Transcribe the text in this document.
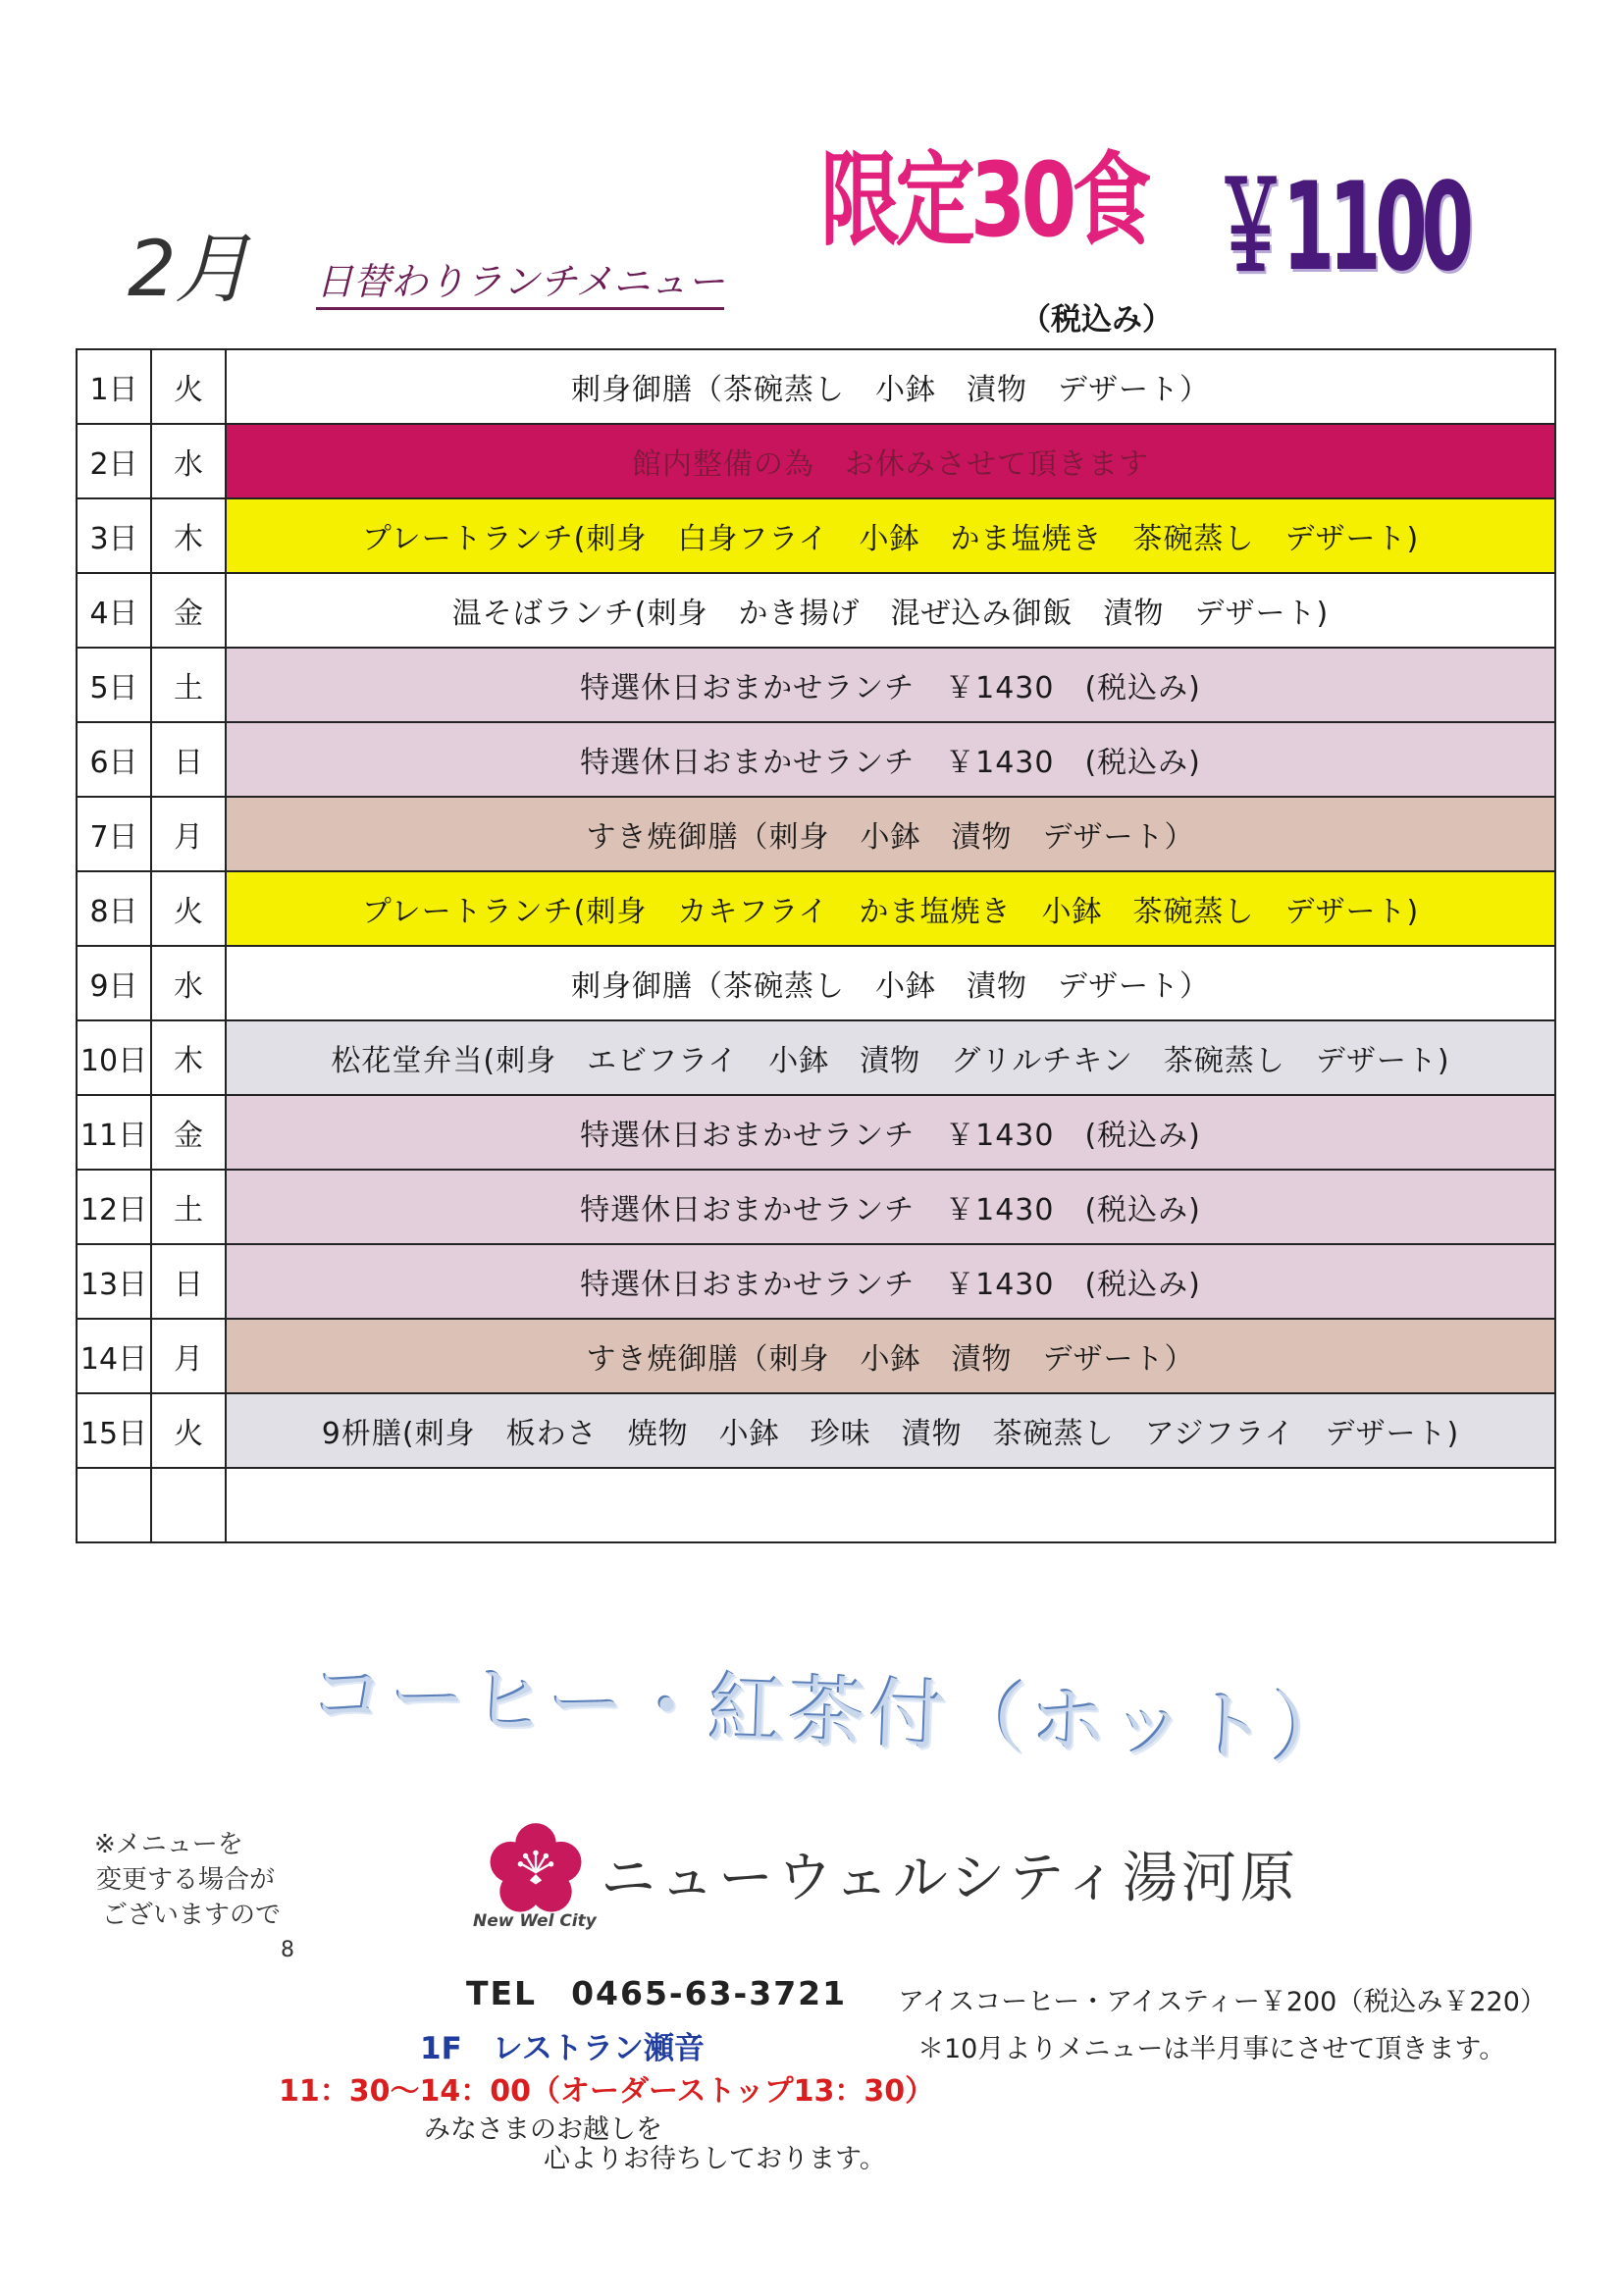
2月 日替わりランチメニュー
限定30食 ￥1100
（税込み）
1日	火	刺身御膳（茶碗蒸し　小鉢　漬物　デザート）
2日	水	館内整備の為　お休みさせて頂きます
3日	木	プレートランチ(刺身　白身フライ　小鉢　かま塩焼き　茶碗蒸し　デザート)
4日	金	温そばランチ(刺身　かき揚げ　混ぜ込み御飯　漬物　デザート)
5日	土	特選休日おまかせランチ　￥1430　(税込み)
6日	日	特選休日おまかせランチ　￥1430　(税込み)
7日	月	すき焼御膳（刺身　小鉢　漬物　デザート）
8日	火	プレートランチ(刺身　カキフライ　かま塩焼き　小鉢　茶碗蒸し　デザート)
9日	水	刺身御膳（茶碗蒸し　小鉢　漬物　デザート）
10日	木	松花堂弁当(刺身　エビフライ　小鉢　漬物　グリルチキン　茶碗蒸し　デザート)
11日	金	特選休日おまかせランチ　￥1430　(税込み)
12日	土	特選休日おまかせランチ　￥1430　(税込み)
13日	日	特選休日おまかせランチ　￥1430　(税込み)
14日	月	すき焼御膳（刺身　小鉢　漬物　デザート）
15日	火	9枡膳(刺身　板わさ　焼物　小鉢　珍味　漬物　茶碗蒸し　アジフライ　デザート)

コーヒー・紅茶付（ホット）
※メニューを
変更する場合が
ございますので
8
ニューウェルシティ湯河原
New Wel City
TEL　0465-63-3721
1F　レストラン瀬音
11：30～14：00（オーダーストップ13：30）
みなさまのお越しを
心よりお待ちしております。
アイスコーヒー・アイスティー￥200（税込み￥220）
＊10月よりメニューは半月事にさせて頂きます。
